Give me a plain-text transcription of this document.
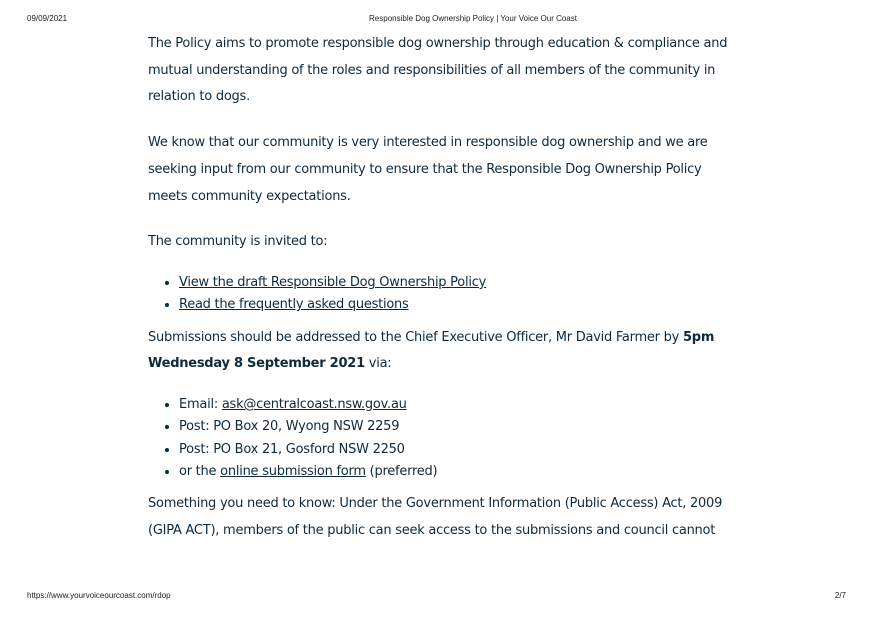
09/09/2021	Responsible Dog Ownership Policy | Your Voice Our Coast

The Policy aims to promote responsible dog ownership through education & compliance and mutual understanding of the roles and responsibilities of all members of the community in relation to dogs.

We know that our community is very interested in responsible dog ownership and we are seeking input from our community to ensure that the Responsible Dog Ownership Policy meets community expectations.

The community is invited to:

• View the draft Responsible Dog Ownership Policy
• Read the frequently asked questions

Submissions should be addressed to the Chief Executive Officer, Mr David Farmer by 5pm Wednesday 8 September 2021 via:

• Email: ask@centralcoast.nsw.gov.au
• Post: PO Box 20, Wyong NSW 2259
• Post: PO Box 21, Gosford NSW 2250
• or the online submission form (preferred)

Something you need to know: Under the Government Information (Public Access) Act, 2009 (GIPA ACT), members of the public can seek access to the submissions and council cannot

https://www.yourvoiceourcoast.com/rdop	2/7
